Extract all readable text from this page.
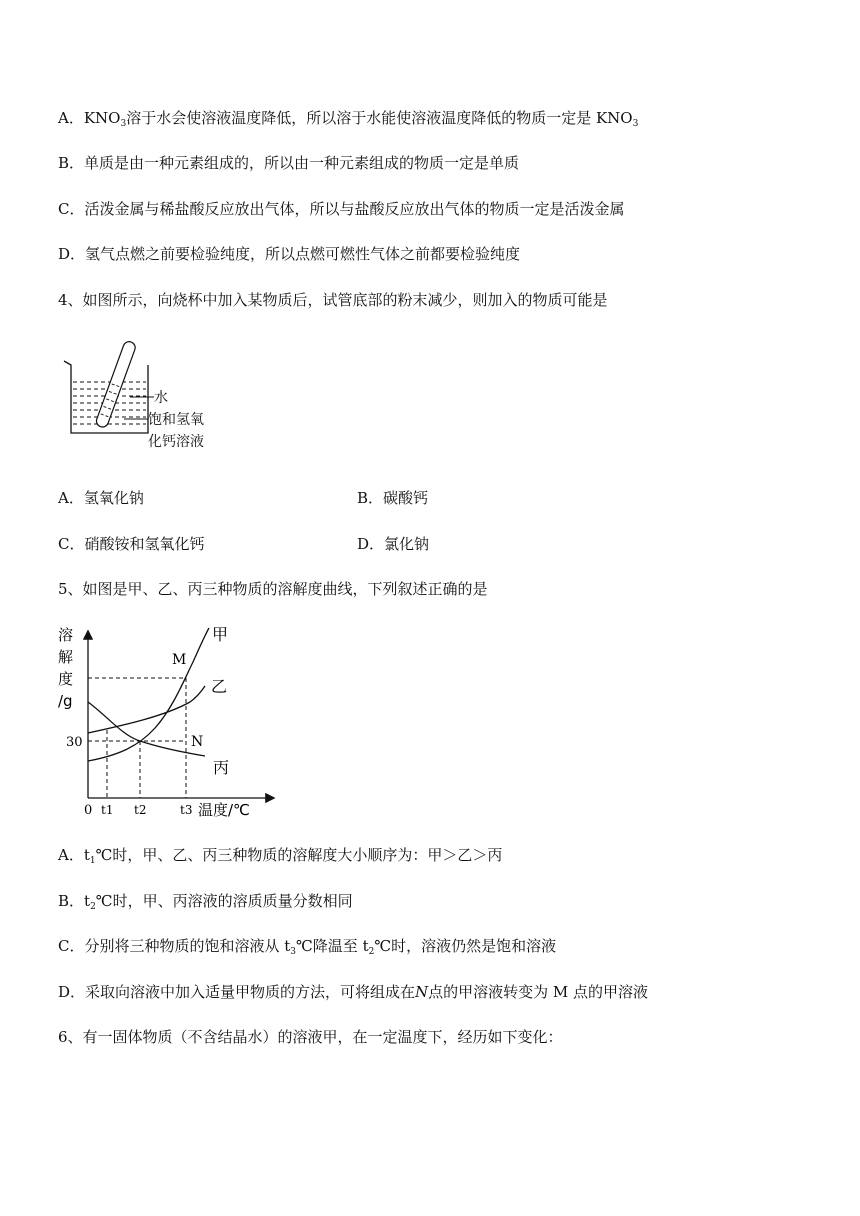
A．$KNO_3$溶于水会使溶液温度降低，所以溶于水能使溶液温度降低的物质一定是 $KNO_3$
B．单质是由一种元素组成的，所以由一种元素组成的物质一定是单质
C．活泼金属与稀盐酸反应放出气体，所以与盐酸反应放出气体的物质一定是活泼金属
D．氢气点燃之前要检验纯度，所以点燃可燃性气体之前都要检验纯度
4、如图所示，向烧杯中加入某物质后，试管底部的粉末减少，则加入的物质可能是
水
饱和氢氧
化钙溶液
A．氢氧化钠	B．碳酸钙
C．硝酸铵和氢氧化钙	D．氯化钠
5、如图是甲、乙、丙三种物质的溶解度曲线，下列叙述正确的是
溶
解
度
/g
30
甲
乙
丙
M
N
0 t1 t2	t3 温度/℃
A．$t_1℃$时，甲、乙、丙三种物质的溶解度大小顺序为：甲＞乙＞丙
B．$t_2℃$时，甲、丙溶液的溶质质量分数相同
C．分别将三种物质的饱和溶液从 $t_3℃$降温至 $t_2℃$时，溶液仍然是饱和溶液
D．采取向溶液中加入适量甲物质的方法，可将组成在N点的甲溶液转变为 M 点的甲溶液
6、有一固体物质（不含结晶水）的溶液甲，在一定温度下，经历如下变化：
